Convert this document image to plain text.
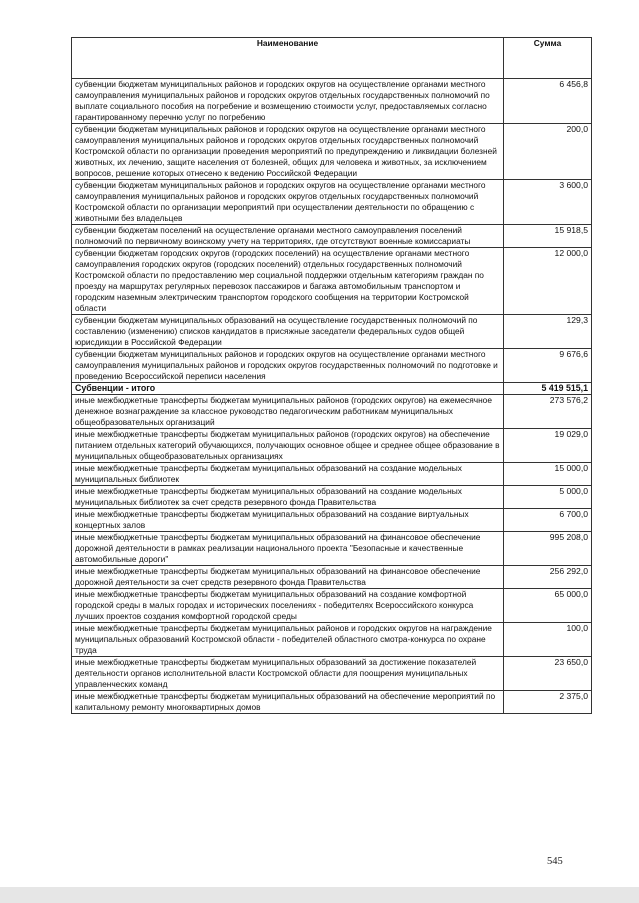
Наименование	Сумма
субвенции бюджетам муниципальных районов и городских округов на осуществление органами местного самоуправления муниципальных районов и городских округов отдельных государственных полномочий по выплате социального пособия на погребение и возмещению стоимости услуг, предоставляемых согласно гарантированному перечню услуг по погребению	6 456,8
субвенции бюджетам муниципальных районов и городских округов на осуществление органами местного самоуправления муниципальных районов и городских округов отдельных государственных полномочий Костромской области по организации проведения мероприятий по предупреждению и ликвидации болезней животных, их лечению, защите населения от болезней, общих для человека и животных, за исключением вопросов, решение которых отнесено к ведению Российской Федерации	200,0
субвенции бюджетам муниципальных районов и городских округов на осуществление органами местного самоуправления муниципальных районов и городских округов отдельных государственных полномочий Костромской области по организации мероприятий при осуществлении деятельности по обращению с животными без владельцев	3 600,0
субвенции бюджетам поселений на осуществление органами местного самоуправления поселений полномочий по первичному воинскому учету на территориях, где отсутствуют военные комиссариаты	15 918,5
субвенции бюджетам городских округов (городских поселений) на осуществление органами местного самоуправления городских округов (городских поселений) отдельных государственных полномочий Костромской области по предоставлению мер социальной поддержки отдельным категориям граждан по проезду на маршрутах регулярных перевозок пассажиров и багажа автомобильным транспортом и городским наземным электрическим транспортом городского сообщения на территории Костромской области	12 000,0
субвенции бюджетам муниципальных образований на осуществление государственных полномочий по составлению (изменению) списков кандидатов в присяжные заседатели федеральных судов общей юрисдикции в Российской Федерации	129,3
субвенции бюджетам муниципальных районов и городских округов на осуществление органами местного самоуправления муниципальных районов и городских округов государственных полномочий по подготовке и проведению Всероссийской переписи населения	9 676,6
Субвенции - итого	5 419 515,1
иные межбюджетные трансферты бюджетам муниципальных районов (городских округов) на ежемесячное денежное вознаграждение за классное руководство педагогическим работникам муниципальных общеобразовательных организаций	273 576,2
иные межбюджетные трансферты бюджетам муниципальных районов (городских округов) на обеспечение питанием отдельных категорий обучающихся, получающих основное общее и среднее общее образование в муниципальных общеобразовательных организациях	19 029,0
иные межбюджетные трансферты бюджетам муниципальных образований на создание модельных муниципальных библиотек	15 000,0
иные межбюджетные трансферты бюджетам муниципальных образований на создание модельных муниципальных библиотек за счет средств резервного фонда Правительства	5 000,0
иные межбюджетные трансферты бюджетам муниципальных образований на создание виртуальных концертных залов	6 700,0
иные межбюджетные трансферты бюджетам муниципальных образований на финансовое обеспечение дорожной деятельности в рамках реализации национального проекта "Безопасные и качественные автомобильные дороги"	995 208,0
иные межбюджетные трансферты бюджетам муниципальных образований на финансовое обеспечение дорожной деятельности за счет средств резервного фонда Правительства	256 292,0
иные межбюджетные трансферты бюджетам муниципальных образований на создание комфортной городской среды в малых городах и исторических поселениях - победителях Всероссийского конкурса лучших проектов создания комфортной городской среды	65 000,0
иные межбюджетные трансферты бюджетам муниципальных районов и городских округов на награждение муниципальных образований Костромской области - победителей областного смотра-конкурса по охране труда	100,0
иные межбюджетные трансферты бюджетам муниципальных образований за достижение показателей деятельности органов исполнительной власти Костромской области для поощрения муниципальных управленческих команд	23 650,0
иные межбюджетные трансферты бюджетам муниципальных образований на обеспечение мероприятий по капитальному ремонту многоквартирных домов	2 375,0
545
